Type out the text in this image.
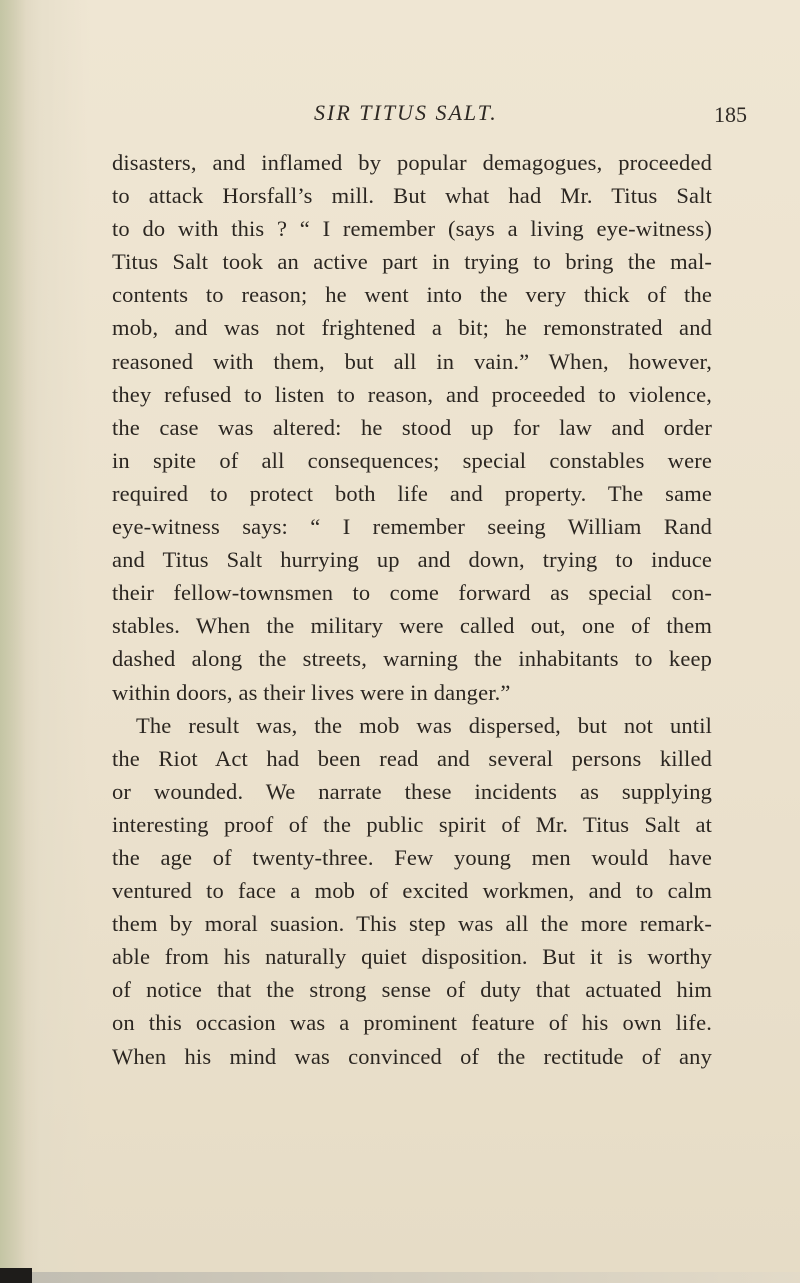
SIR TITUS SALT.	185
disasters, and inflamed by popular demagogues, proceeded
to attack Horsfall’s mill. But what had Mr. Titus Salt
to do with this ? “ I remember (says a living eye-witness)
Titus Salt took an active part in trying to bring the mal-
contents to reason; he went into the very thick of the
mob, and was not frightened a bit; he remonstrated and
reasoned with them, but all in vain.” When, however,
they refused to listen to reason, and proceeded to violence,
the case was altered: he stood up for law and order
in spite of all consequences; special constables were
required to protect both life and property. The same
eye-witness says: “ I remember seeing William Rand
and Titus Salt hurrying up and down, trying to induce
their fellow-townsmen to come forward as special con-
stables. When the military were called out, one of them
dashed along the streets, warning the inhabitants to keep
within doors, as their lives were in danger.”
The result was, the mob was dispersed, but not until
the Riot Act had been read and several persons killed
or wounded. We narrate these incidents as supplying
interesting proof of the public spirit of Mr. Titus Salt at
the age of twenty-three. Few young men would have
ventured to face a mob of excited workmen, and to calm
them by moral suasion. This step was all the more remark-
able from his naturally quiet disposition. But it is worthy
of notice that the strong sense of duty that actuated him
on this occasion was a prominent feature of his own life.
When his mind was convinced of the rectitude of any
